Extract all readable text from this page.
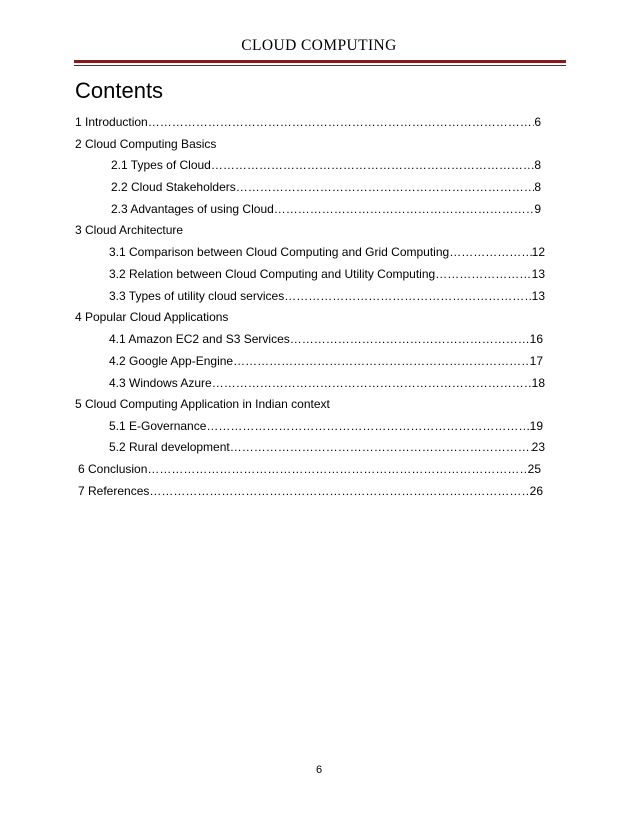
CLOUD COMPUTING
Contents
1 Introduction …………………………………………………………………………………………………………………………………………	6
2 Cloud Computing Basics
2.1 Types of Cloud …………………………………………………………………………………………………………………………………………	8
2.2 Cloud Stakeholders …………………………………………………………………………………………………………………………………………	8
2.3 Advantages of using Cloud …………………………………………………………………………………………………………………………………………	9
3 Cloud Architecture
3.1 Comparison between Cloud Computing and Grid Computing …………………………………………………………………………………………………………………………………………	12
3.2 Relation between Cloud Computing and Utility Computing …………………………………………………………………………………………………………………………………………	13
3.3 Types of utility cloud services …………………………………………………………………………………………………………………………………………	13
4 Popular Cloud Applications
4.1 Amazon EC2 and S3 Services …………………………………………………………………………………………………………………………………………	16
4.2 Google App-Engine …………………………………………………………………………………………………………………………………………	17
4.3 Windows Azure …………………………………………………………………………………………………………………………………………	18
5 Cloud Computing Application in Indian context
5.1 E-Governance …………………………………………………………………………………………………………………………………………	19
5.2 Rural development …………………………………………………………………………………………………………………………………………	23
6 Conclusion …………………………………………………………………………………………………………………………………………	25
7 References …………………………………………………………………………………………………………………………………………	26
6
